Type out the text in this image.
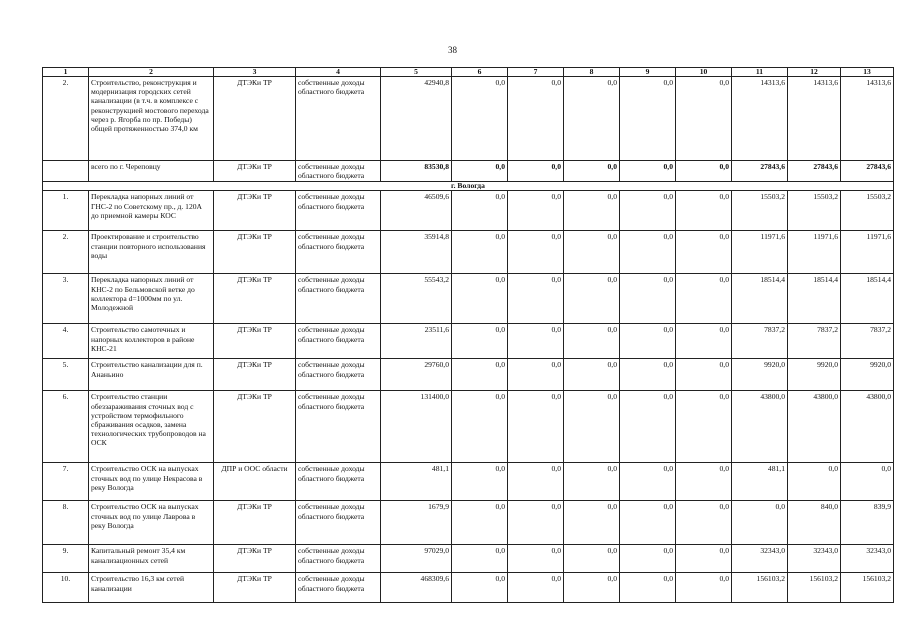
38
1	2	3	4	5	6	7	8	9	10	11	12	13
2.	Строительство, реконструкция и модернизация городских сетей канализации (в т.ч. в комплексе с реконструкцией мостового перехода через р. Ягорба по пр. Победы) общей протяженностью 374,0 км	ДТЭКи ТР	собственные доходы областного бюджета	42940,8	0,0	0,0	0,0	0,0	0,0	14313,6	14313,6	14313,6
	всего по г. Череповцу	ДТЭКи ТР	собственные доходы областного бюджета	83530,8	0,0	0,0	0,0	0,0	0,0	27843,6	27843,6	27843,6
г. Вологда												
1.	Перекладка напорных линий от ГНС-2 по Советскому пр., д. 120А до приемной камеры КОС	ДТЭКи ТР	собственные доходы областного бюджета	46509,6	0,0	0,0	0,0	0,0	0,0	15503,2	15503,2	15503,2
2.	Проектирование и строительство станции повторного использования воды	ДТЭКи ТР	собственные доходы областного бюджета	35914,8	0,0	0,0	0,0	0,0	0,0	11971,6	11971,6	11971,6
3.	Перекладка напорных линий от КНС-2 по Бельмовской ветке до коллектора d=1000мм по ул. Молодежной	ДТЭКи ТР	собственные доходы областного бюджета	55543,2	0,0	0,0	0,0	0,0	0,0	18514,4	18514,4	18514,4
4.	Строительство самотечных и напорных коллекторов в районе КНС-21	ДТЭКи ТР	собственные доходы областного бюджета	23511,6	0,0	0,0	0,0	0,0	0,0	7837,2	7837,2	7837,2
5.	Строительство канализации для п. Ананьино	ДТЭКи ТР	собственные доходы областного бюджета	29760,0	0,0	0,0	0,0	0,0	0,0	9920,0	9920,0	9920,0
6.	Строительство станции обеззараживания сточных вод с устройством термофильного сбраживания осадков, замена технологических трубопроводов на ОСК	ДТЭКи ТР	собственные доходы областного бюджета	131400,0	0,0	0,0	0,0	0,0	0,0	43800,0	43800,0	43800,0
7.	Строительство ОСК на выпусках сточных вод по улице Некрасова в реку Вологда	ДПР и ООС области	собственные доходы областного бюджета	481,1	0,0	0,0	0,0	0,0	0,0	481,1	0,0	0,0
8.	Строительство ОСК на выпусках сточных вод по улице Лаврова в реку Вологда	ДТЭКи ТР	собственные доходы областного бюджета	1679,9	0,0	0,0	0,0	0,0	0,0	0,0	840,0	839,9
9.	Капитальный ремонт 35,4 км канализационных сетей	ДТЭКи ТР	собственные доходы областного бюджета	97029,0	0,0	0,0	0,0	0,0	0,0	32343,0	32343,0	32343,0
10.	Строительство 16,3 км сетей канализации	ДТЭКи ТР	собственные доходы областного бюджета	468309,6	0,0	0,0	0,0	0,0	0,0	156103,2	156103,2	156103,2
